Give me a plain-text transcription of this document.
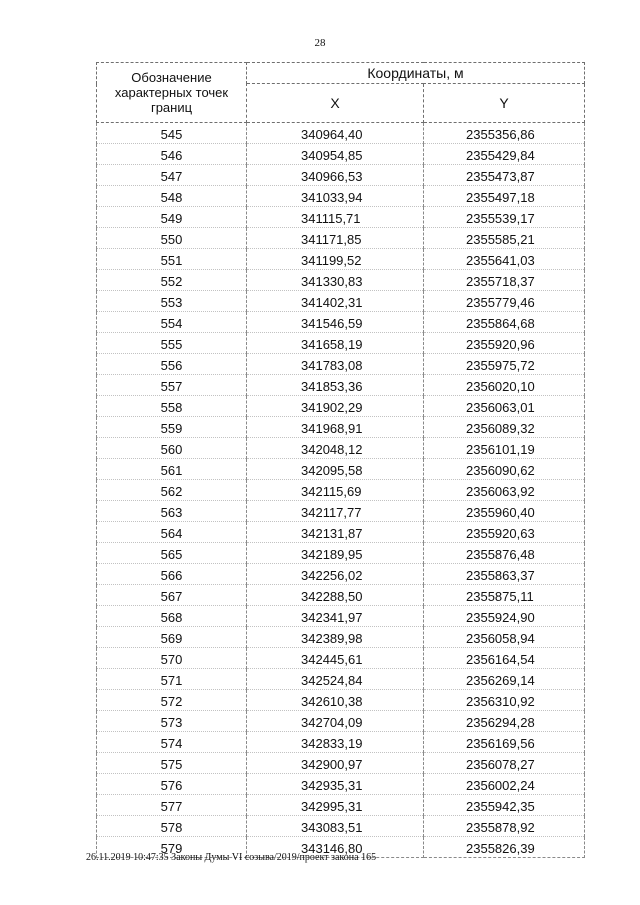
28
Обозначение характерных точек границ	Координаты, м	
	X	Y
545	340964,40	2355356,86
546	340954,85	2355429,84
547	340966,53	2355473,87
548	341033,94	2355497,18
549	341115,71	2355539,17
550	341171,85	2355585,21
551	341199,52	2355641,03
552	341330,83	2355718,37
553	341402,31	2355779,46
554	341546,59	2355864,68
555	341658,19	2355920,96
556	341783,08	2355975,72
557	341853,36	2356020,10
558	341902,29	2356063,01
559	341968,91	2356089,32
560	342048,12	2356101,19
561	342095,58	2356090,62
562	342115,69	2356063,92
563	342117,77	2355960,40
564	342131,87	2355920,63
565	342189,95	2355876,48
566	342256,02	2355863,37
567	342288,50	2355875,11
568	342341,97	2355924,90
569	342389,98	2356058,94
570	342445,61	2356164,54
571	342524,84	2356269,14
572	342610,38	2356310,92
573	342704,09	2356294,28
574	342833,19	2356169,56
575	342900,97	2356078,27
576	342935,31	2356002,24
577	342995,31	2355942,35
578	343083,51	2355878,92
579	343146,80	2355826,39
26.11.2019 10:47:35 Законы Думы VI созыва/2019/проект закона 165
